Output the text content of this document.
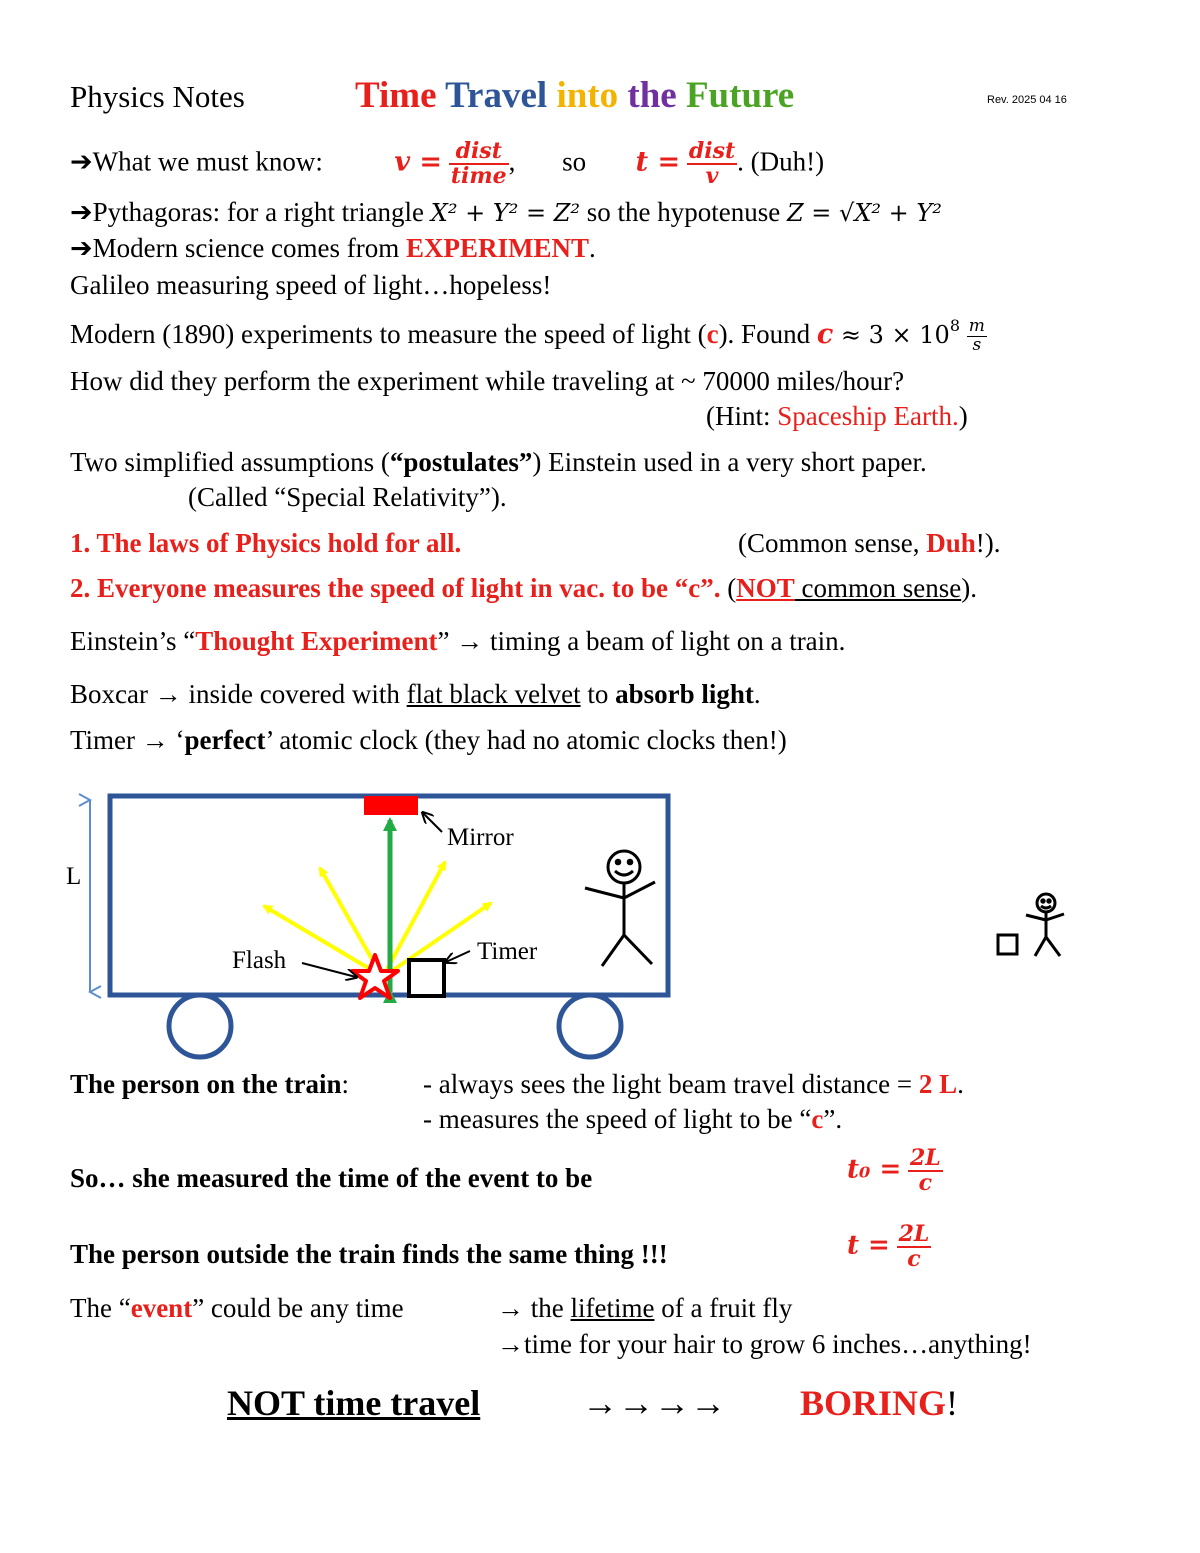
Physics Notes	Time Travel into the Future	Rev. 2025 04 16
➔What we must know:	$v = \frac{\text{dist}}{\text{time}}$ , so $t = \frac{\text{dist}}{v}$ . (Duh!)
➔Pythagoras: for a right triangle X² + Y² = Z² so the hypotenuse Z = √X² + Y²
➔Modern science comes from EXPERIMENT.
Galileo measuring speed of light…hopeless!
Modern (1890) experiments to measure the speed of light (c). Found $c \approx 3 \times 10^8 \frac{m}{s}$
How did they perform the experiment while traveling at ~ 70000 miles/hour?
(Hint: Spaceship Earth.)
Two simplified assumptions (“postulates”) Einstein used in a very short paper.
(Called “Special Relativity”).
1. The laws of Physics hold for all.	(Common sense, Duh!).
2. Everyone measures the speed of light in vac. to be “c”. (NOT common sense).
Einstein’s “Thought Experiment” → timing a beam of light on a train.
Boxcar → inside covered with flat black velvet to absorb light.
Timer → ‘perfect’ atomic clock (they had no atomic clocks then!)
L
Mirror
Flash	Timer
The person on the train:	- always sees the light beam travel distance = 2 L.
- measures the speed of light to be “c”.
So… she measured the time of the event to be	$t_0 = \frac{2L}{c}$
The person outside the train finds the same thing !!!	$t = \frac{2L}{c}$
The “event” could be any time	→ the lifetime of a fruit fly
→time for your hair to grow 6 inches…anything!
NOT time travel	→→→→ BORING!
